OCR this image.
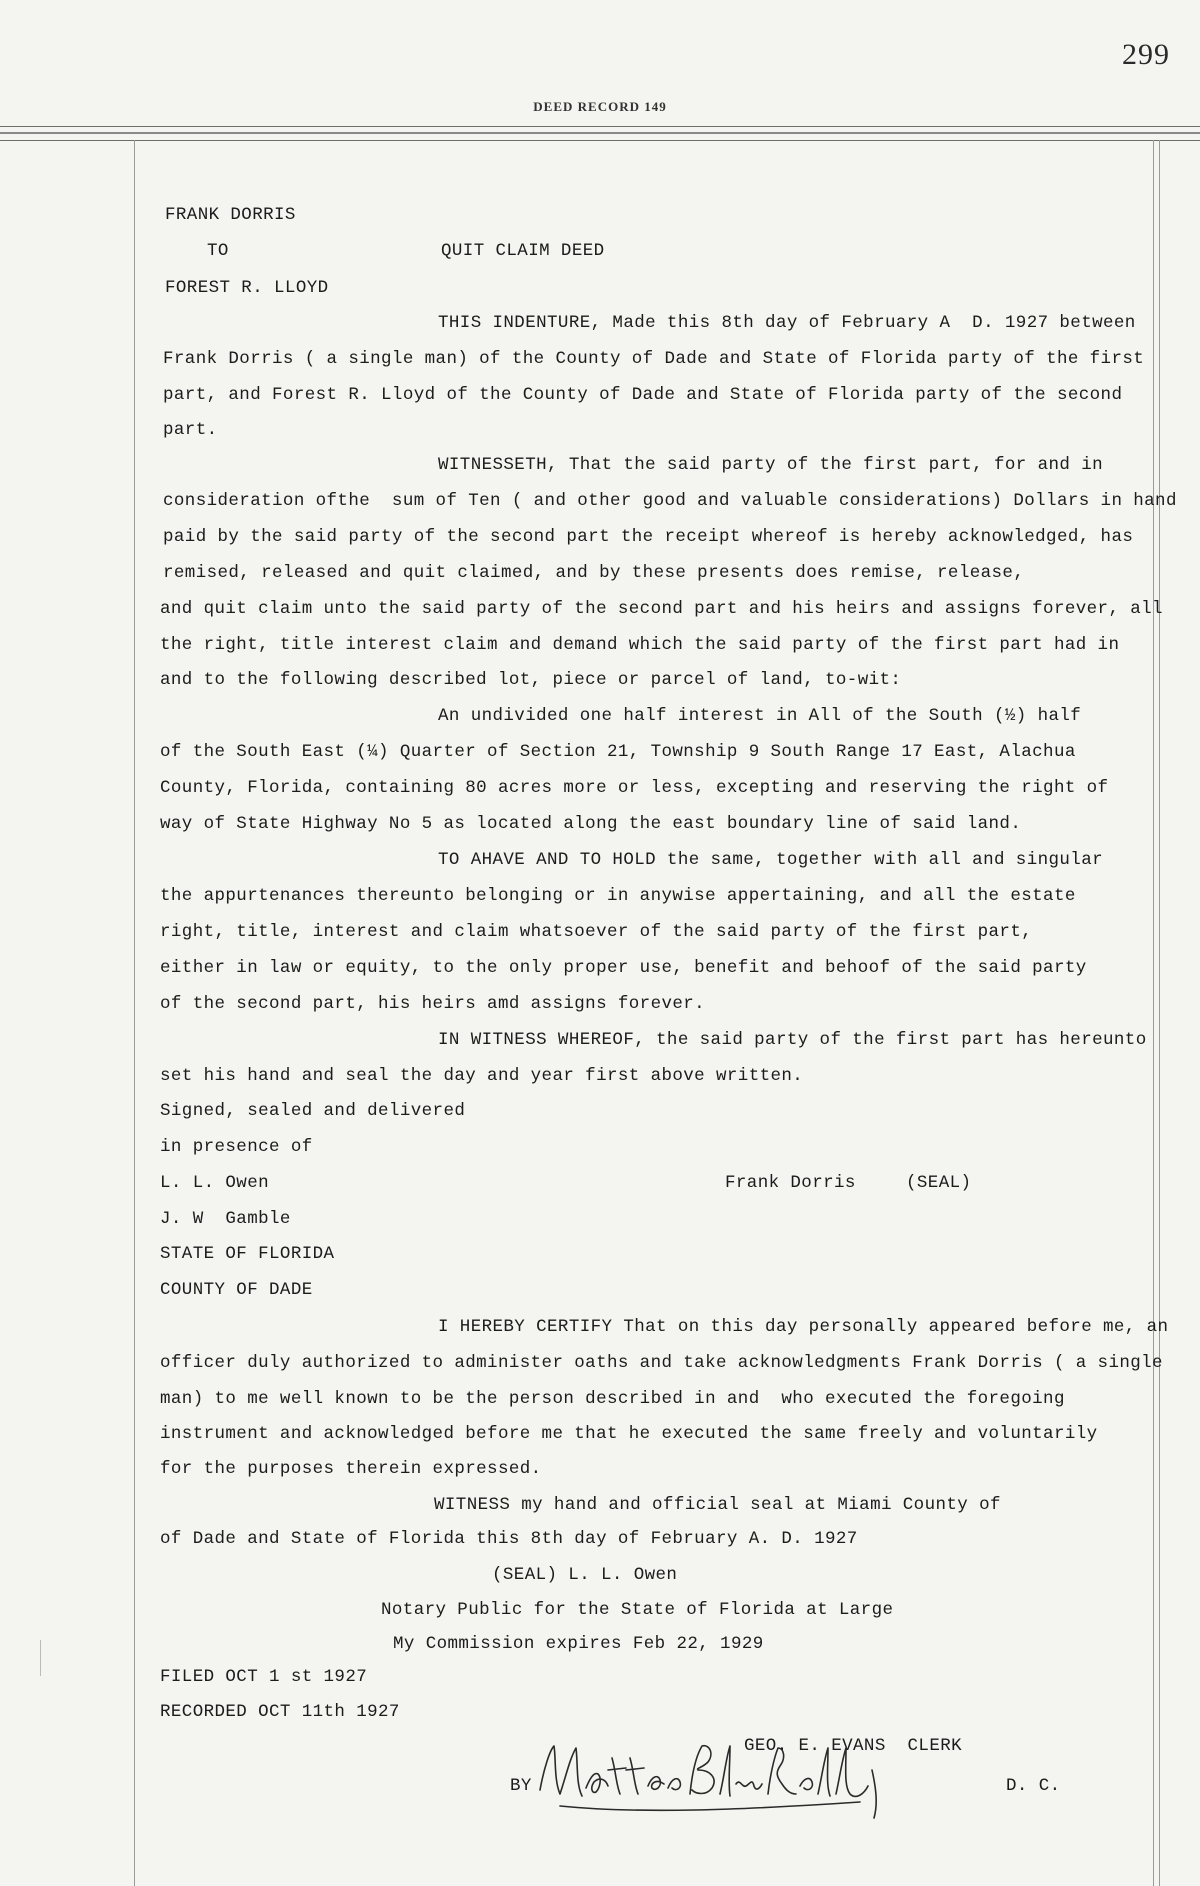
299
DEED RECORD 149
FRANK DORRIS
TO	QUIT CLAIM DEED
FOREST R. LLOYD
THIS INDENTURE, Made this 8th day of February A  D. 1927 between
Frank Dorris ( a single man) of the County of Dade and State of Florida party of the first
part, and Forest R. Lloyd of the County of Dade and State of Florida party of the second
part.
WITNESSETH, That the said party of the first part, for and in
consideration ofthe  sum of Ten ( and other good and valuable considerations) Dollars in hand
paid by the said party of the second part the receipt whereof is hereby acknowledged, has
remised, released and quit claimed, and by these presents does remise, release,
and quit claim unto the said party of the second part and his heirs and assigns forever, all
the right, title interest claim and demand which the said party of the first part had in
and to the following described lot, piece or parcel of land, to-wit:
An undivided one half interest in All of the South (½) half
of the South East (¼) Quarter of Section 21, Township 9 South Range 17 East, Alachua
County, Florida, containing 80 acres more or less, excepting and reserving the right of
way of State Highway No 5 as located along the east boundary line of said land.
TO AHAVE AND TO HOLD the same, together with all and singular
the appurtenances thereunto belonging or in anywise appertaining, and all the estate
right, title, interest and claim whatsoever of the said party of the first part,
either in law or equity, to the only proper use, benefit and behoof of the said party
of the second part, his heirs amd assigns forever.
IN WITNESS WHEREOF, the said party of the first part has hereunto
set his hand and seal the day and year first above written.
Signed, sealed and delivered
in presence of
L. L. Owen	Frank Dorris	(SEAL)
J. W  Gamble
STATE OF FLORIDA
COUNTY OF DADE
I HEREBY CERTIFY That on this day personally appeared before me, an
officer duly authorized to administer oaths and take acknowledgments Frank Dorris ( a single
man) to me well known to be the person described in and  who executed the foregoing
instrument and acknowledged before me that he executed the same freely and voluntarily
for the purposes therein expressed.
WITNESS my hand and official seal at Miami County of
of Dade and State of Florida this 8th day of February A. D. 1927
(SEAL) L. L. Owen
Notary Public for the State of Florida at Large
My Commission expires Feb 22, 1929
FILED OCT 1 st 1927
RECORDED OCT 11th 1927
GEO. E. EVANS  CLERK
BY	D. C.
